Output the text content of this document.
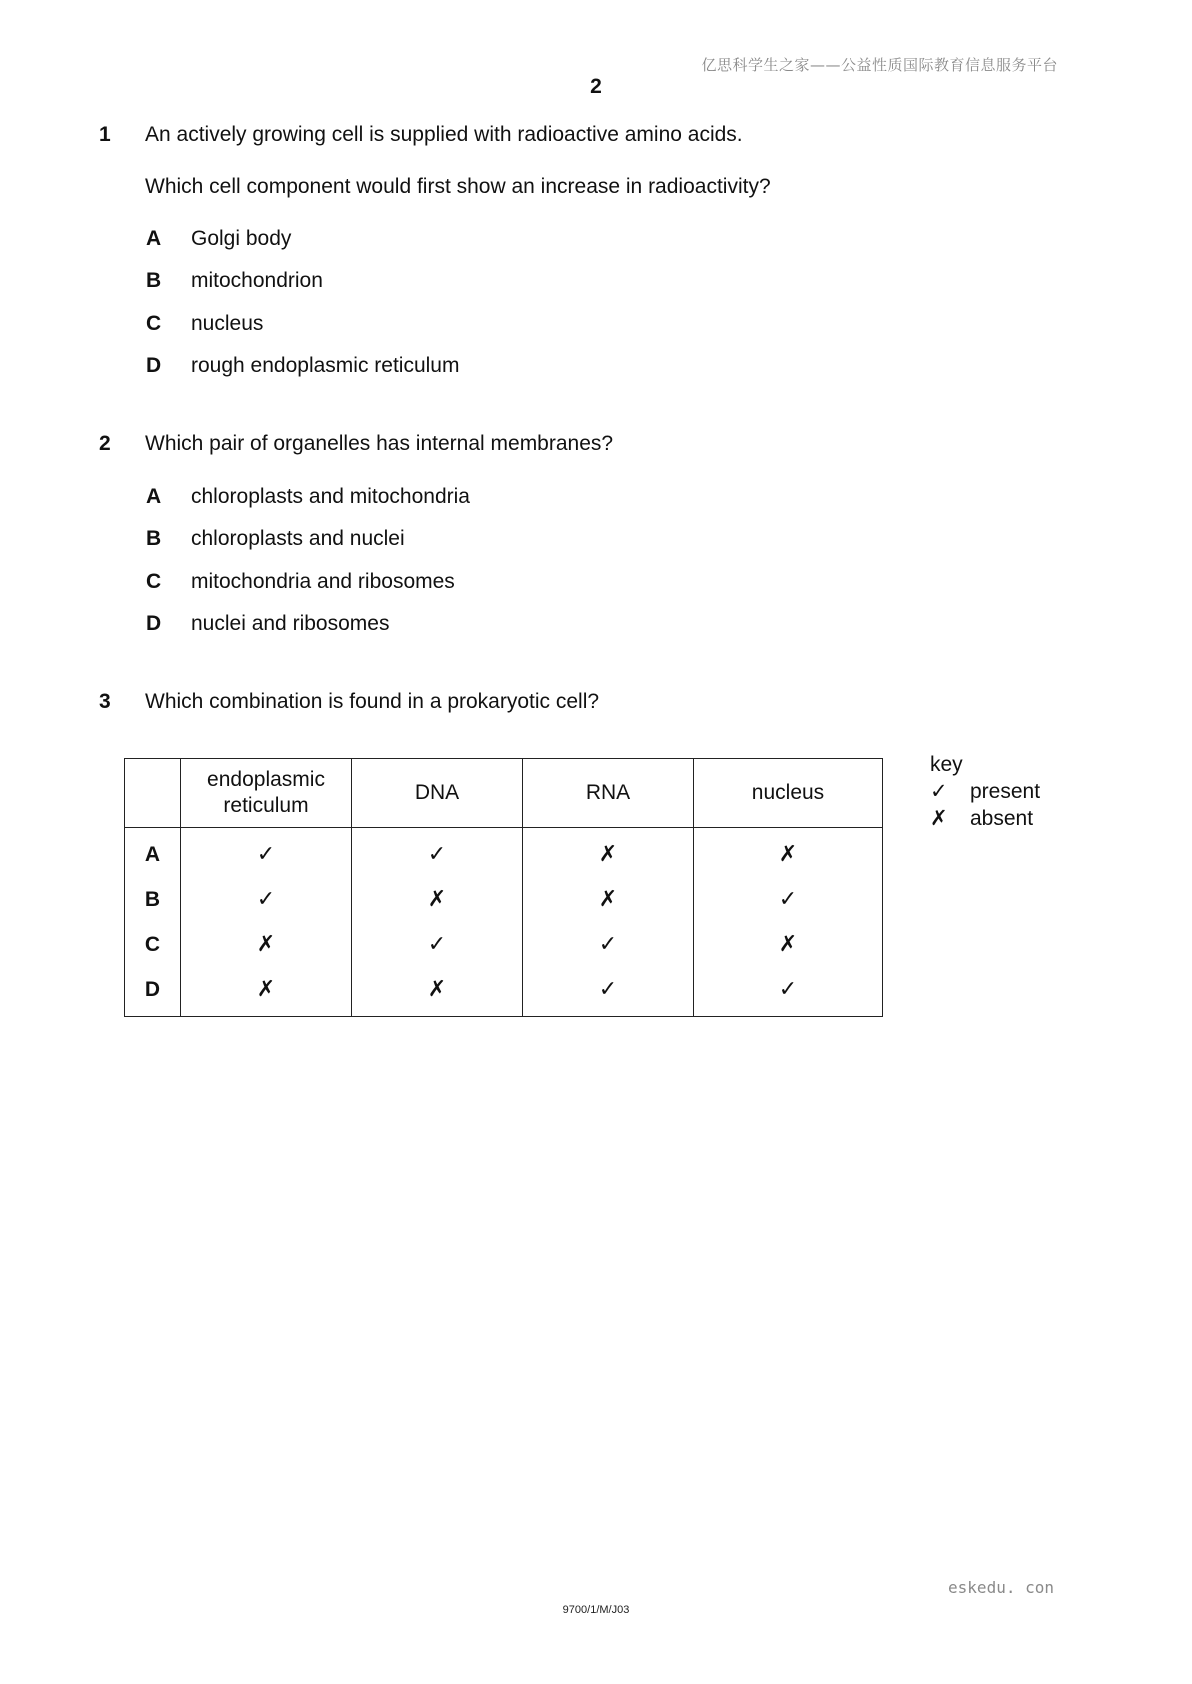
亿思科学生之家——公益性质国际教育信息服务平台
2
1	An actively growing cell is supplied with radioactive amino acids.
Which cell component would first show an increase in radioactivity?
A Golgi body
B mitochondrion
C nucleus
D rough endoplasmic reticulum
2	Which pair of organelles has internal membranes?
A chloroplasts and mitochondria
B chloroplasts and nuclei
C mitochondria and ribosomes
D nuclei and ribosomes
3	Which combination is found in a prokaryotic cell?
	endoplasmic
reticulum	DNA	RNA	nucleus
A	✓	✓	✗	✗
B	✓	✗	✗	✓
C	✗	✓	✓	✗
D	✗	✗	✓	✓
key
✓ present
✗ absent
eskedu. con
9700/1/M/J03
